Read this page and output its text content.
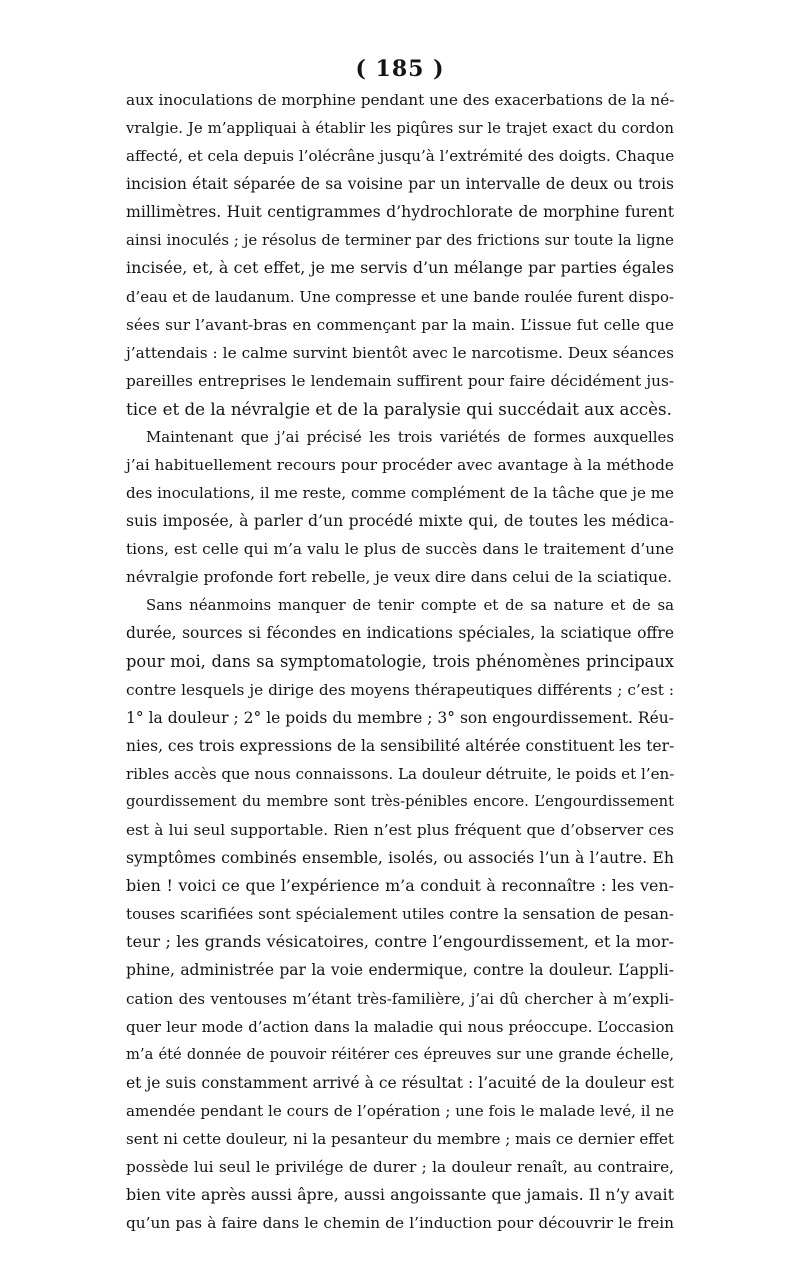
( 185 )
aux inoculations de morphine pendant une des exacerbations de la né-
vralgie. Je m’appliquai à établir les piqûres sur le trajet exact du cordon
affecté, et cela depuis l’olécrâne jusqu’à l’extrémité des doigts. Chaque
incision était séparée de sa voisine par un intervalle de deux ou trois
millimètres. Huit centigrammes d’hydrochlorate de morphine furent
ainsi inoculés ; je résolus de terminer par des frictions sur toute la ligne
incisée, et, à cet effet, je me servis d’un mélange par parties égales
d’eau et de laudanum. Une compresse et une bande roulée furent dispo-
sées sur l’avant-bras en commençant par la main. L’issue fut celle que
j’attendais : le calme survint bientôt avec le narcotisme. Deux séances
pareilles entreprises le lendemain suffirent pour faire décidément jus-
tice et de la névralgie et de la paralysie qui succédait aux accès.
Maintenant que j’ai précisé les trois variétés de formes auxquelles
j’ai habituellement recours pour procéder avec avantage à la méthode
des inoculations, il me reste, comme complément de la tâche que je me
suis imposée, à parler d’un procédé mixte qui, de toutes les médica-
tions, est celle qui m’a valu le plus de succès dans le traitement d’une
névralgie profonde fort rebelle, je veux dire dans celui de la sciatique.
Sans néanmoins manquer de tenir compte et de sa nature et de sa
durée, sources si fécondes en indications spéciales, la sciatique offre
pour moi, dans sa symptomatologie, trois phénomènes principaux
contre lesquels je dirige des moyens thérapeutiques différents ; c’est :
1° la douleur ; 2° le poids du membre ; 3° son engourdissement. Réu-
nies, ces trois expressions de la sensibilité altérée constituent les ter-
ribles accès que nous connaissons. La douleur détruite, le poids et l’en-
gourdissement du membre sont très-pénibles encore. L’engourdissement
est à lui seul supportable. Rien n’est plus fréquent que d’observer ces
symptômes combinés ensemble, isolés, ou associés l’un à l’autre. Eh
bien ! voici ce que l’expérience m’a conduit à reconnaître : les ven-
touses scarifiées sont spécialement utiles contre la sensation de pesan-
teur ; les grands vésicatoires, contre l’engourdissement, et la mor-
phine, administrée par la voie endermique, contre la douleur. L’appli-
cation des ventouses m’étant très-familière, j’ai dû chercher à m’expli-
quer leur mode d’action dans la maladie qui nous préoccupe. L’occasion
m’a été donnée de pouvoir réitérer ces épreuves sur une grande échelle,
et je suis constamment arrivé à ce résultat : l’acuité de la douleur est
amendée pendant le cours de l’opération ; une fois le malade levé, il ne
sent ni cette douleur, ni la pesanteur du membre ; mais ce dernier effet
possède lui seul le privilége de durer ; la douleur renaît, au contraire,
bien vite après aussi âpre, aussi angoissante que jamais. Il n’y avait
qu’un pas à faire dans le chemin de l’induction pour découvrir le frein
